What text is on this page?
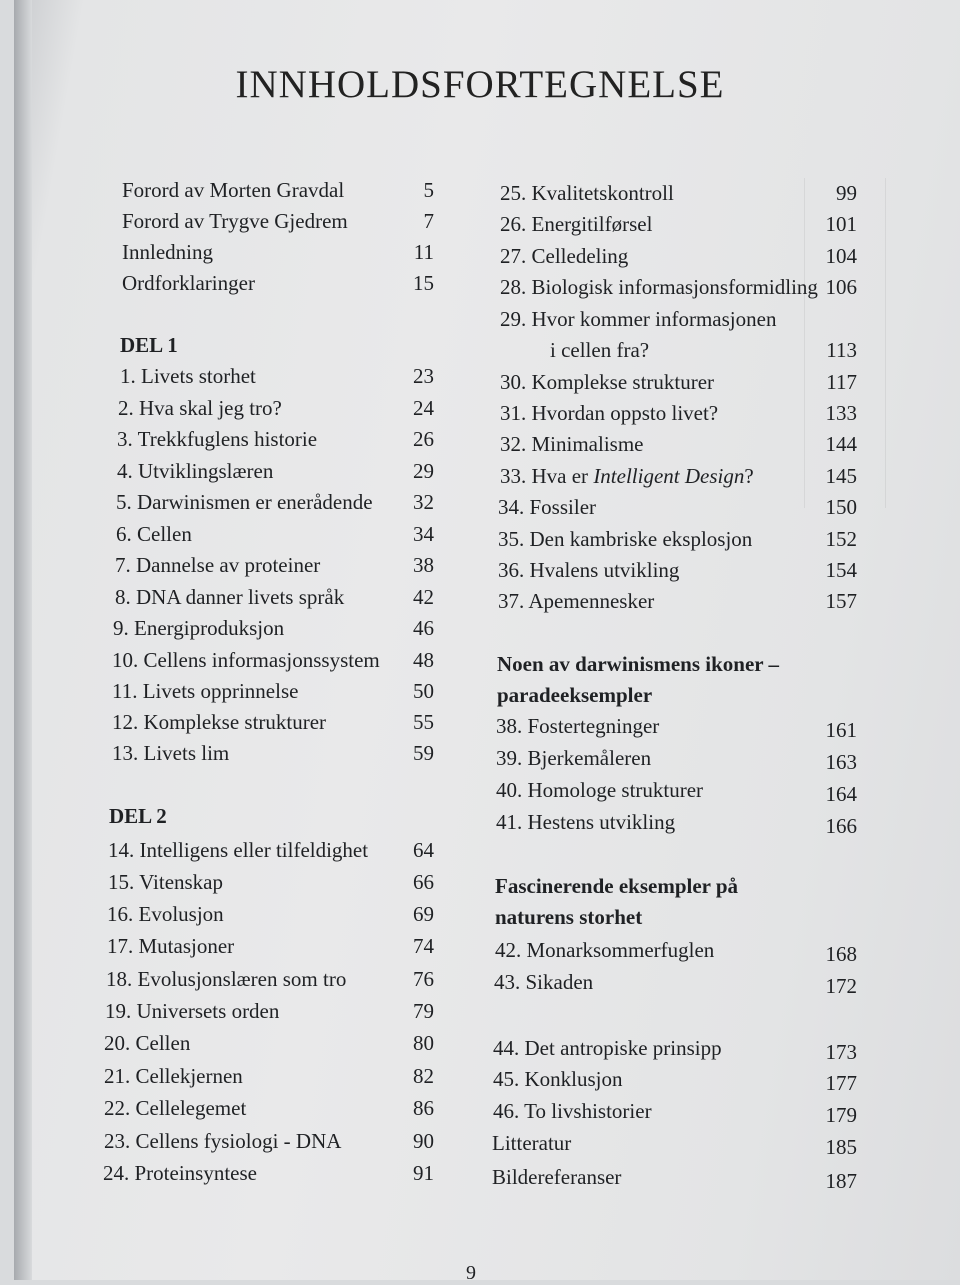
INNHOLDSFORTEGNELSE
Forord av Morten Gravdal	5
Forord av Trygve Gjedrem	7
Innledning	11
Ordforklaringer	15
DEL 1
1. Livets storhet	23
2. Hva skal jeg tro?	24
3. Trekkfuglens historie	26
4. Utviklingslæren	29
5. Darwinismen er enerådende	32
6. Cellen	34
7. Dannelse av proteiner	38
8. DNA danner livets språk	42
9. Energiproduksjon	46
10. Cellens informasjonssystem	48
11. Livets opprinnelse	50
12. Komplekse strukturer	55
13. Livets lim	59
DEL 2
14. Intelligens eller tilfeldighet	64
15. Vitenskap	66
16. Evolusjon	69
17. Mutasjoner	74
18. Evolusjonslæren som tro	76
19. Universets orden	79
20. Cellen	80
21. Cellekjernen	82
22. Cellelegemet	86
23. Cellens fysiologi - DNA	90
24. Proteinsyntese	91
25. Kvalitetskontroll	99
26. Energitilførsel	101
27. Celledeling	104
28. Biologisk informasjonsformidling 106
29. Hvor kommer informasjonen
i cellen fra?	113
30. Komplekse strukturer	117
31. Hvordan oppsto livet?	133
32. Minimalisme	144
33. Hva er Intelligent Design?	145
34. Fossiler	150
35. Den kambriske eksplosjon	152
36. Hvalens utvikling	154
37. Apemennesker	157
Noen av darwinismens ikoner –
paradeeksempler
38. Fostertegninger	161
39. Bjerkemåleren	163
40. Homologe strukturer	164
41. Hestens utvikling	166
Fascinerende eksempler på
naturens storhet
42. Monarksommerfuglen	168
43. Sikaden	172
44. Det antropiske prinsipp	173
45. Konklusjon	177
46. To livshistorier	179
Litteratur	185
Bildereferanser	187
9
